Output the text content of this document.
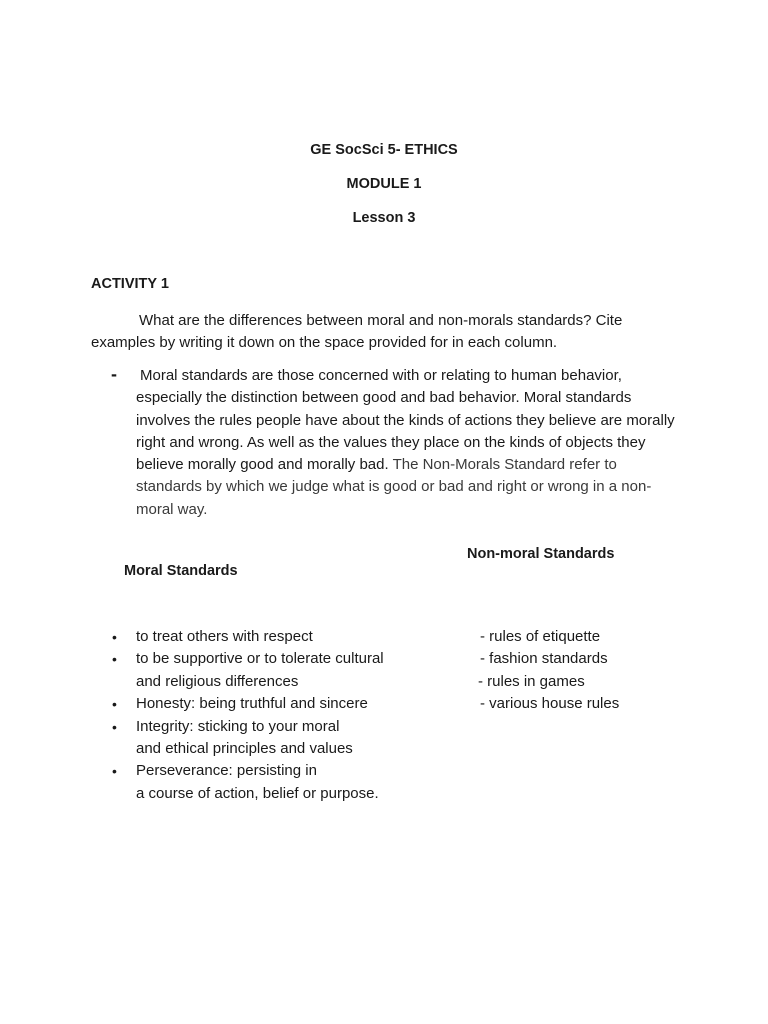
GE SocSci 5- ETHICS
MODULE 1
Lesson 3
ACTIVITY 1
What are the differences between moral and non-morals standards? Cite examples by writing it down on the space provided for in each column.
- Moral standards are those concerned with or relating to human behavior, especially the distinction between good and bad behavior. Moral standards involves the rules people have about the kinds of actions they believe are morally right and wrong. As well as the values they place on the kinds of objects they believe morally good and morally bad. The Non-Morals Standard refer to standards by which we judge what is good or bad and right or wrong in a non-moral way.
Moral Standards
Non-moral Standards
• to treat others with respect
• to be supportive or to tolerate cultural
and religious differences
• Honesty: being truthful and sincere
• Integrity: sticking to your moral
and ethical principles and values
• Perseverance: persisting in
a course of action, belief or purpose.
- rules of etiquette
- fashion standards
- rules in games
- various house rules
